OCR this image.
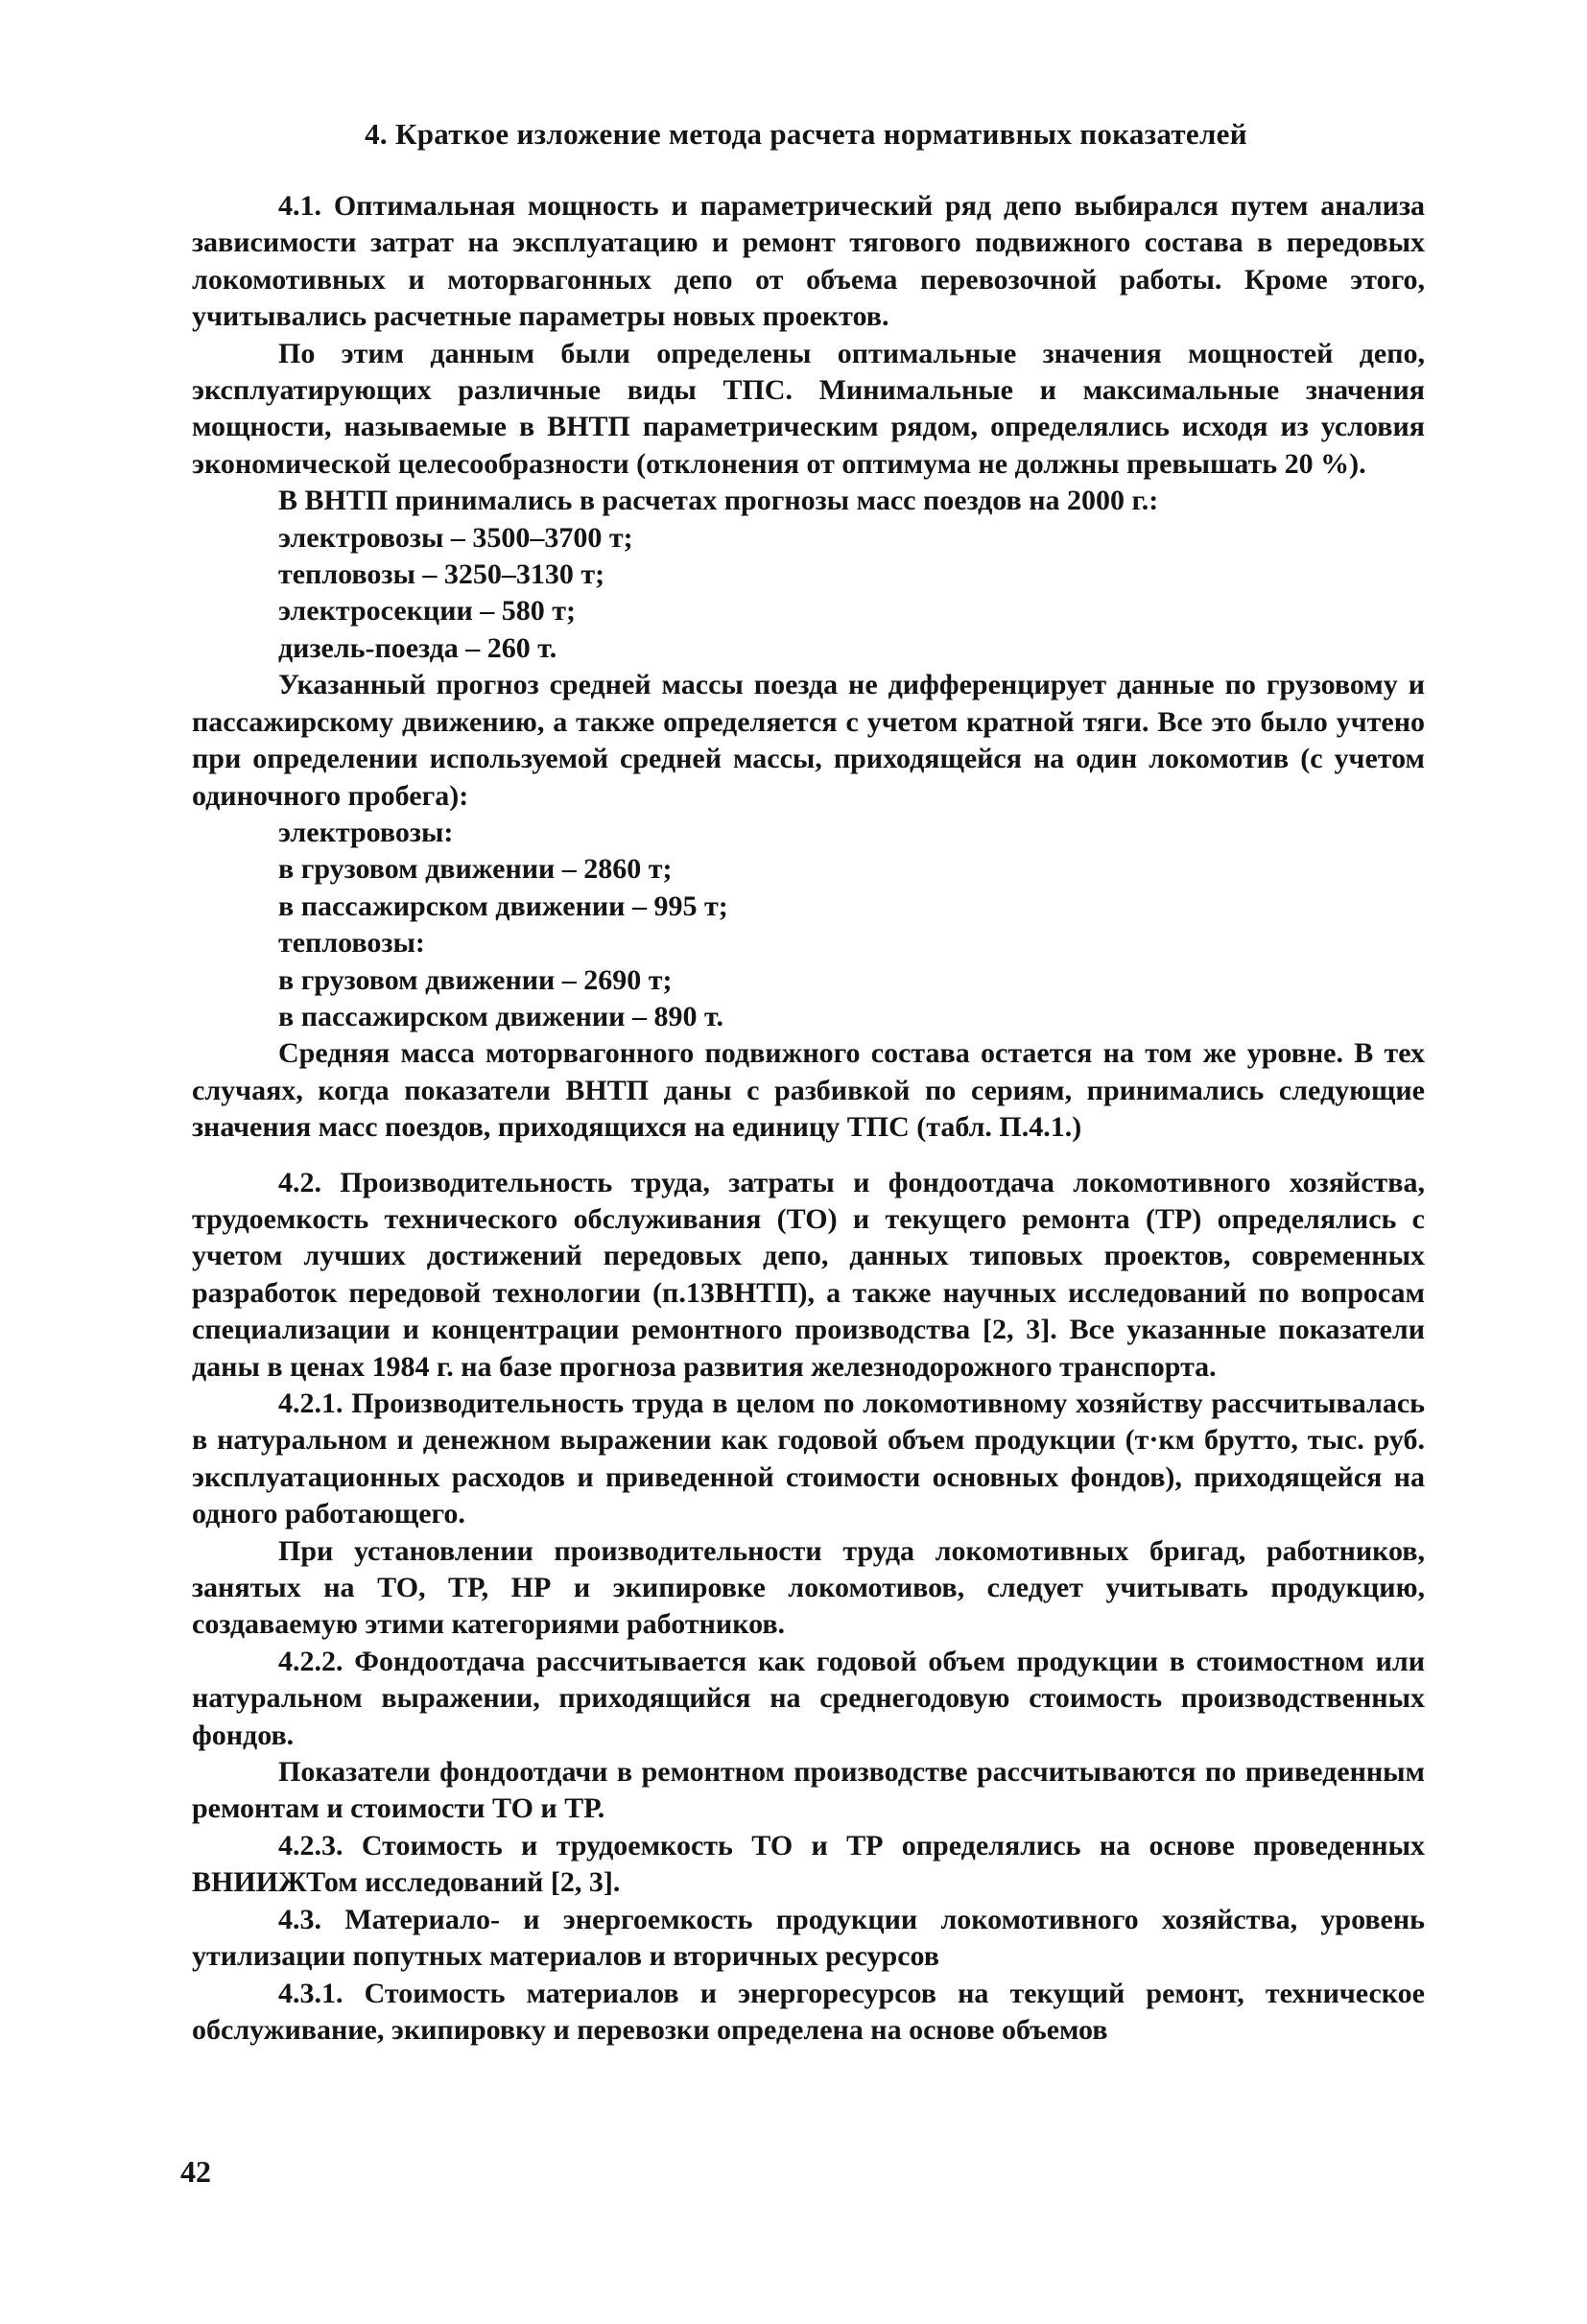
4. Краткое изложение метода расчета нормативных показателей

4.1. Оптимальная мощность и параметрический ряд депо выбирался путем анализа зависимости затрат на эксплуатацию и ремонт тягового подвижного состава в передовых локомотивных и моторвагонных депо от объема перевозочной работы. Кроме этого, учитывались расчетные параметры новых проектов.

По этим данным были определены оптимальные значения мощностей депо, эксплуатирующих различные виды ТПС. Минимальные и максимальные значения мощности, называемые в ВНТП параметрическим рядом, определялись исходя из условия экономической целесообразности (отклонения от оптимума не должны превышать 20 %).

В ВНТП принимались в расчетах прогнозы масс поездов на 2000 г.:

электровозы – 3500–3700 т;
тепловозы – 3250–3130 т;
электросекции – 580 т;
дизель-поезда – 260 т.

Указанный прогноз средней массы поезда не дифференцирует данные по грузовому и пассажирскому движению, а также определяется с учетом кратной тяги. Все это было учтено при определении используемой средней массы, приходящейся на один локомотив (с учетом одиночного пробега):

электровозы:
в грузовом движении – 2860 т;
в пассажирском движении – 995 т;
тепловозы:
в грузовом движении – 2690 т;
в пассажирском движении – 890 т.

Средняя масса моторвагонного подвижного состава остается на том же уровне. В тех случаях, когда показатели ВНТП даны с разбивкой по сериям, принимались следующие значения масс поездов, приходящихся на единицу ТПС (табл. П.4.1.)

4.2. Производительность труда, затраты и фондоотдача локомотивного хозяйства, трудоемкость технического обслуживания (ТО) и текущего ремонта (ТР) определялись с учетом лучших достижений передовых депо, данных типовых проектов, современных разработок передовой технологии (п.13ВНТП), а также научных исследований по вопросам специализации и концентрации ремонтного производства [2, 3]. Все указанные показатели даны в ценах 1984 г. на базе прогноза развития железнодорожного транспорта.

4.2.1. Производительность труда в целом по локомотивному хозяйству рассчитывалась в натуральном и денежном выражении как годовой объем продукции (т·км брутто, тыс. руб. эксплуатационных расходов и приведенной стоимости основных фондов), приходящейся на одного работающего.

При установлении производительности труда локомотивных бригад, работников, занятых на ТО, ТР, НР и экипировке локомотивов, следует учитывать продукцию, создаваемую этими категориями работников.

4.2.2. Фондоотдача рассчитывается как годовой объем продукции в стоимостном или натуральном выражении, приходящийся на среднегодовую стоимость производственных фондов.

Показатели фондоотдачи в ремонтном производстве рассчитываются по приведенным ремонтам и стоимости ТО и ТР.

4.2.3. Стоимость и трудоемкость ТО и ТР определялись на основе проведенных ВНИИЖТом исследований [2, 3].

4.3. Материало- и энергоемкость продукции локомотивного хозяйства, уровень утилизации попутных материалов и вторичных ресурсов

4.3.1. Стоимость материалов и энергоресурсов на текущий ремонт, техническое обслуживание, экипировку и перевозки определена на основе объемов

42
